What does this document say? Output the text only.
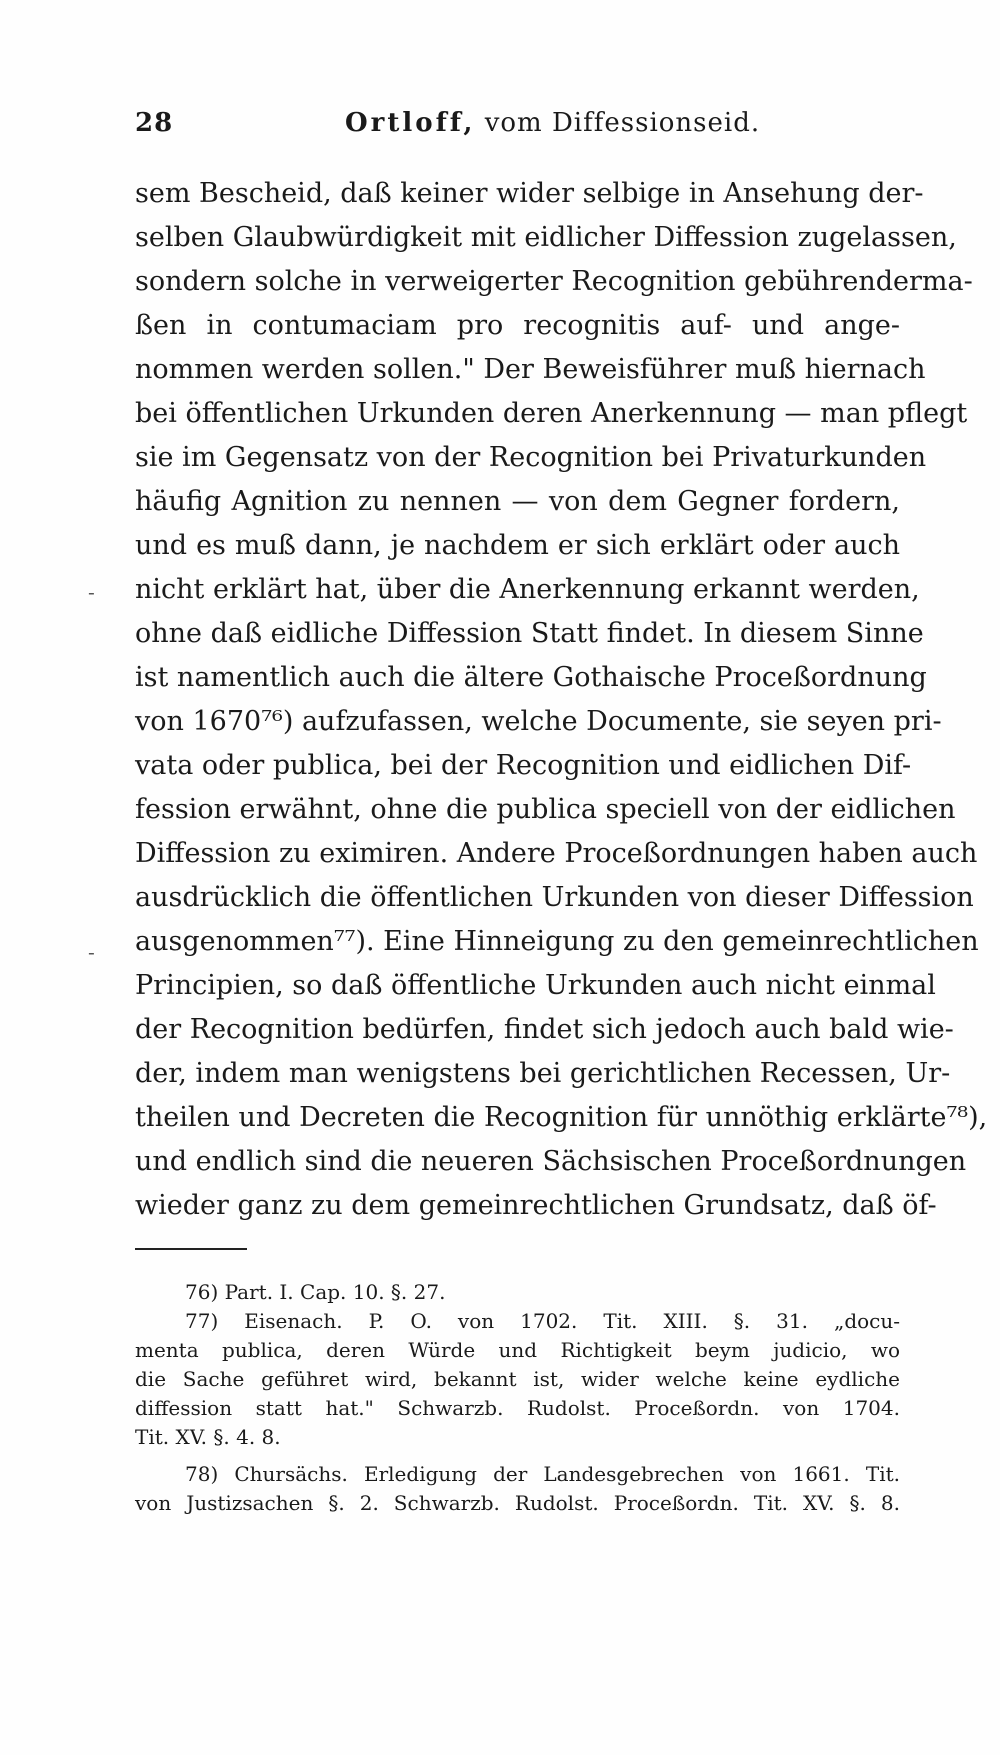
28	Ortloff, vom Diffessionseid.
sem Bescheid, daß keiner wider selbige in Ansehung der-
selben Glaubwürdigkeit mit eidlicher Diffession zugelassen,
sondern solche in verweigerter Recognition gebührenderma-
ßen in contumaciam pro recognitis auf- und ange-
nommen werden sollen." Der Beweisführer muß hiernach
bei öffentlichen Urkunden deren Anerkennung — man pflegt
sie im Gegensatz von der Recognition bei Privaturkunden
häufig Agnition zu nennen — von dem Gegner fordern,
und es muß dann, je nachdem er sich erklärt oder auch
nicht erklärt hat, über die Anerkennung erkannt werden,
ohne daß eidliche Diffession Statt findet. In diesem Sinne
ist namentlich auch die ältere Gothaische Proceßordnung
von 1670⁷⁶) aufzufassen, welche Documente, sie seyen pri-
vata oder publica, bei der Recognition und eidlichen Dif-
fession erwähnt, ohne die publica speciell von der eidlichen
Diffession zu eximiren. Andere Proceßordnungen haben auch
ausdrücklich die öffentlichen Urkunden von dieser Diffession
ausgenommen⁷⁷). Eine Hinneigung zu den gemeinrechtlichen
Principien, so daß öffentliche Urkunden auch nicht einmal
der Recognition bedürfen, findet sich jedoch auch bald wie-
der, indem man wenigstens bei gerichtlichen Recessen, Ur-
theilen und Decreten die Recognition für unnöthig erklärte⁷⁸),
und endlich sind die neueren Sächsischen Proceßordnungen
wieder ganz zu dem gemeinrechtlichen Grundsatz, daß öf-
76) Part. I. Cap. 10. §. 27.
77) Eisenach. P. O. von 1702. Tit. XIII. §. 31. „docu-
menta publica, deren Würde und Richtigkeit beym judicio, wo
die Sache geführet wird, bekannt ist, wider welche keine eydliche
diffession statt hat." Schwarzb. Rudolst. Proceßordn. von 1704.
Tit. XV. §. 4. 8.
78) Chursächs. Erledigung der Landesgebrechen von 1661. Tit.
von Justizsachen §. 2. Schwarzb. Rudolst. Proceßordn. Tit. XV. §. 8.
-
-
